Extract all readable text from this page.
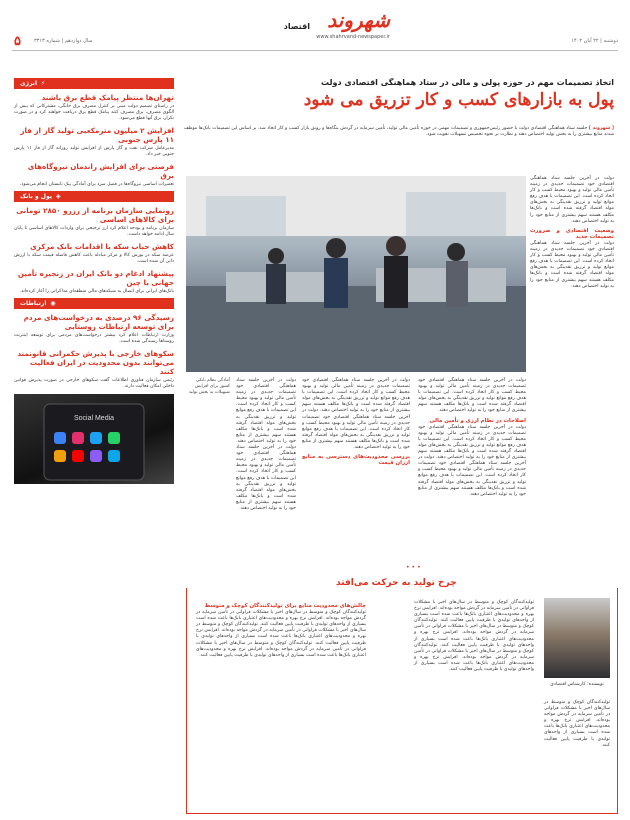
۵	سال دوازدهم | شماره ۳۳۱۳	دوشنبه | ۲۲ آبان ۱۴۰۲
شهروند
اقتصاد
www.shahrvand-newspaper.ir
اتخاذ تصمیمات مهم در حوزه پولی و مالی در ستاد هماهنگی اقتصادی دولت
پول به بازارهای کسب و کار تزریق می شود
[ شهروند ] جلسه ستاد هماهنگی اقتصادی دولت با حضور رئیس‌جمهوری و تصمیمات مهمی در حوزه تأمین مالی تولید، تأمین سرمایه در گردش بنگاه‌ها و رونق بازار کسب و کار اتخاذ شد. بر اساس این تصمیمات بانک‌ها موظف شدند منابع بیشتری را به بخش تولید اختصاص دهند و نظارت بر نحوه تخصیص تسهیلات تقویت شود.
دولت در آخرین جلسه ستاد هماهنگی اقتصادی خود تصمیمات جدیدی در زمینه تأمین مالی تولید و بهبود محیط کسب و کار اتخاذ کرده است. این تصمیمات با هدف رفع موانع تولید و تزریق نقدینگی به بخش‌های مولد اقتصاد گرفته شده است و بانک‌ها مکلف هستند سهم بیشتری از منابع خود را به تولید اختصاص دهند.
وضعیت اقتصادی و ضرورت تصمیمات جدید
دولت در آخرین جلسه ستاد هماهنگی اقتصادی خود تصمیمات جدیدی در زمینه تأمین مالی تولید و بهبود محیط کسب و کار اتخاذ کرده است. این تصمیمات با هدف رفع موانع تولید و تزریق نقدینگی به بخش‌های مولد اقتصاد گرفته شده است و بانک‌ها مکلف هستند سهم بیشتری از منابع خود را به تولید اختصاص دهند.
آمادگی نظام بانکی کشور برای افزایش تسهیلات به بخش تولید
دولت در آخرین جلسه ستاد هماهنگی اقتصادی خود تصمیمات جدیدی در زمینه تأمین مالی تولید و بهبود محیط کسب و کار اتخاذ کرده است. این تصمیمات با هدف رفع موانع تولید و تزریق نقدینگی به بخش‌های مولد اقتصاد گرفته شده است و بانک‌ها مکلف هستند سهم بیشتری از منابع خود را به تولید اختصاص دهند.
اصلاحات در نظام ارزی و تأمین مالی
دولت در آخرین جلسه ستاد هماهنگی اقتصادی خود تصمیمات جدیدی در زمینه تأمین مالی تولید و بهبود محیط کسب و کار اتخاذ کرده است. این تصمیمات با هدف رفع موانع تولید و تزریق نقدینگی به بخش‌های مولد اقتصاد گرفته شده است و بانک‌ها مکلف هستند سهم بیشتری از منابع خود را به تولید اختصاص دهند. دولت در آخرین جلسه ستاد هماهنگی اقتصادی خود تصمیمات جدیدی در زمینه تأمین مالی تولید و بهبود محیط کسب و کار اتخاذ کرده است. این تصمیمات با هدف رفع موانع تولید و تزریق نقدینگی به بخش‌های مولد اقتصاد گرفته شده است و بانک‌ها مکلف هستند سهم بیشتری از منابع خود را به تولید اختصاص دهند.
دولت در آخرین جلسه ستاد هماهنگی اقتصادی خود تصمیمات جدیدی در زمینه تأمین مالی تولید و بهبود محیط کسب و کار اتخاذ کرده است. این تصمیمات با هدف رفع موانع تولید و تزریق نقدینگی به بخش‌های مولد اقتصاد گرفته شده است و بانک‌ها مکلف هستند سهم بیشتری از منابع خود را به تولید اختصاص دهند. دولت در آخرین جلسه ستاد هماهنگی اقتصادی خود تصمیمات جدیدی در زمینه تأمین مالی تولید و بهبود محیط کسب و کار اتخاذ کرده است. این تصمیمات با هدف رفع موانع تولید و تزریق نقدینگی به بخش‌های مولد اقتصاد گرفته شده است و بانک‌ها مکلف هستند سهم بیشتری از منابع خود را به تولید اختصاص دهند.
بررسی محدودیت‌های دسترسی به منابع ارزان قیمت
دولت در آخرین جلسه ستاد هماهنگی اقتصادی خود تصمیمات جدیدی در زمینه تأمین مالی تولید و بهبود محیط کسب و کار اتخاذ کرده است. این تصمیمات با هدف رفع موانع تولید و تزریق نقدینگی به بخش‌های مولد اقتصاد گرفته شده است و بانک‌ها مکلف هستند سهم بیشتری از منابع خود را به تولید اختصاص دهند. دولت در آخرین جلسه ستاد هماهنگی اقتصادی خود تصمیمات جدیدی در زمینه تأمین مالی تولید و بهبود محیط کسب و کار اتخاذ کرده است. این تصمیمات با هدف رفع موانع تولید و تزریق نقدینگی به بخش‌های مولد اقتصاد گرفته شده است و بانک‌ها مکلف هستند سهم بیشتری از منابع خود را به تولید اختصاص دهند.
چرخ تولید به حرکت می‌افتد
نویسنده: کارشناس اقتصادی
تولیدکنندگان کوچک و متوسط در سال‌های اخیر با مشکلات فراوانی در تأمین سرمایه در گردش مواجه بوده‌اند. افزایش نرخ بهره و محدودیت‌های اعتباری بانک‌ها باعث شده است بسیاری از واحدهای تولیدی با ظرفیت پایین فعالیت کنند.
تولیدکنندگان کوچک و متوسط در سال‌های اخیر با مشکلات فراوانی در تأمین سرمایه در گردش مواجه بوده‌اند. افزایش نرخ بهره و محدودیت‌های اعتباری بانک‌ها باعث شده است بسیاری از واحدهای تولیدی با ظرفیت پایین فعالیت کنند. تولیدکنندگان کوچک و متوسط در سال‌های اخیر با مشکلات فراوانی در تأمین سرمایه در گردش مواجه بوده‌اند. افزایش نرخ بهره و محدودیت‌های اعتباری بانک‌ها باعث شده است بسیاری از واحدهای تولیدی با ظرفیت پایین فعالیت کنند. تولیدکنندگان کوچک و متوسط در سال‌های اخیر با مشکلات فراوانی در تأمین سرمایه در گردش مواجه بوده‌اند. افزایش نرخ بهره و محدودیت‌های اعتباری بانک‌ها باعث شده است بسیاری از واحدهای تولیدی با ظرفیت پایین فعالیت کنند.
چالش‌های محدودیت منابع برای تولیدکنندگان کوچک و متوسط
تولیدکنندگان کوچک و متوسط در سال‌های اخیر با مشکلات فراوانی در تأمین سرمایه در گردش مواجه بوده‌اند. افزایش نرخ بهره و محدودیت‌های اعتباری بانک‌ها باعث شده است بسیاری از واحدهای تولیدی با ظرفیت پایین فعالیت کنند. تولیدکنندگان کوچک و متوسط در سال‌های اخیر با مشکلات فراوانی در تأمین سرمایه در گردش مواجه بوده‌اند. افزایش نرخ بهره و محدودیت‌های اعتباری بانک‌ها باعث شده است بسیاری از واحدهای تولیدی با ظرفیت پایین فعالیت کنند. تولیدکنندگان کوچک و متوسط در سال‌های اخیر با مشکلات فراوانی در تأمین سرمایه در گردش مواجه بوده‌اند. افزایش نرخ بهره و محدودیت‌های اعتباری بانک‌ها باعث شده است بسیاری از واحدهای تولیدی با ظرفیت پایین فعالیت کنند.
⚡
انرژی
تهران‌ها منتظر پیامک قطع برق باشند
در راستای تصمیم دولت مبنی بر کنترل مصرف برق خانگی، مشترکانی که بیش از الگوی مصرف، برق مصرف کنند پیامک قطع برق دریافت خواهند کرد و در صورت تکرار، برق آنها قطع می‌شود.
افزایش ۲ میلیون مترمکعبی تولید گاز از فاز ۱۱ پارس جنوبی
مدیرعامل شرکت نفت و گاز پارس از افزایش تولید روزانه گاز از فاز ۱۱ پارس جنوبی خبر داد.
فرصتی برای افزایش راندمان نیروگاه‌های برق
تعمیرات اساسی نیروگاه‌ها در فصل سرد برای آمادگی پیک تابستان انجام می‌شود.
◈
پول و بانک
رونمایی سازمان برنامه از رزرو ۲۸۵۰ تومانی برای کالاهای اساسی
سازمان برنامه و بودجه اعلام کرد ارز ترجیحی برای واردات کالاهای اساسی تا پایان سال ادامه خواهد داشت.
کاهش حباب سکه با اقدامات بانک مرکزی
عرضه سکه در بورس کالا و مرکز مبادله باعث کاهش فاصله قیمت سکه با ارزش ذاتی آن شده است.
پیشنهاد ادغام دو بانک ایران در زنجیره تأمین جهانی با چین
بانک‌های ایرانی برای اتصال به شبکه‌های مالی منطقه‌ای مذاکراتی را آغاز کرده‌اند.
◉
ارتباطات
رسیدگی ۹۶ درصدی به درخواست‌های مردم برای توسعه ارتباطات روستایی
وزارت ارتباطات اعلام کرد بیشتر درخواست‌های مردمی برای توسعه اینترنت روستاها رسیدگی شده است.
سکوهای خارجی با پذیرش حکمرانی قانونمند می‌توانند بدون محدودیت در ایران فعالیت کنند
رئیس سازمان فناوری اطلاعات گفت سکوهای خارجی در صورت پذیرش قوانین داخلی امکان فعالیت دارند.
Social Media
•••
